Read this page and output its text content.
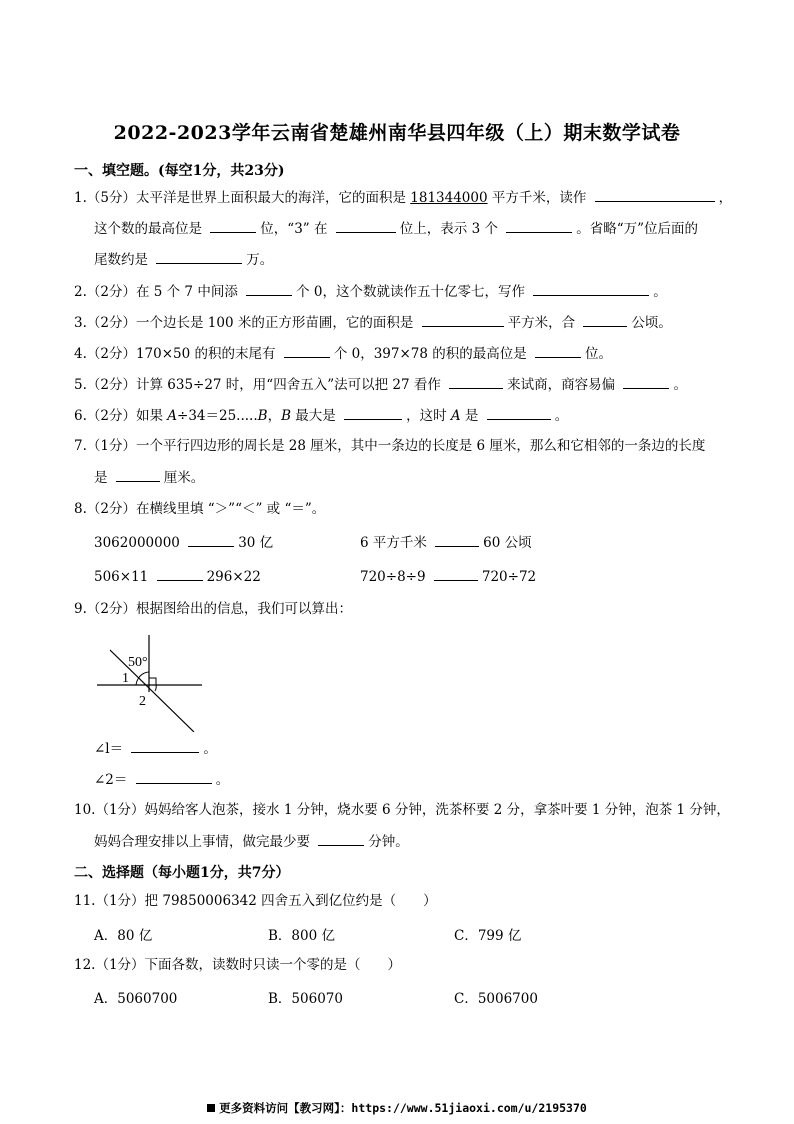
2022-2023学年云南省楚雄州南华县四年级（上）期末数学试卷
一、填空题。(每空1分，共23分)
1.（5分）太平洋是世界上面积最大的海洋，它的面积是 181344000 平方千米，读作	，
这个数的最高位是	位，“3” 在	位上，表示 3 个	。省略“万”位后面的
尾数约是	万。
2.（2分）在 5 个 7 中间添	个 0，这个数就读作五十亿零七，写作	。
3.（2分）一个边长是 100 米的正方形苗圃，它的面积是	平方米，合	公顷。
4.（2分）170×50 的积的末尾有	个 0，397×78 的积的最高位是	位。
5.（2分）计算 635÷27 时，用“四舍五入”法可以把 27 看作	来试商，商容易偏	。
6.（2分）如果 A÷34＝25.....B，B 最大是	，这时 A 是	。
7.（1分）一个平行四边形的周长是 28 厘米，其中一条边的长度是 6 厘米，那么和它相邻的一条边的长度
是	厘米。
8.（2分）在横线里填 “＞”“＜” 或 “＝”。
3062000000	30 亿	6 平方千米	60 公顷
506×11	296×22	720÷8÷9	720÷72
9.（2分）根据图给出的信息，我们可以算出：
50°
1
2
∠l＝	。
∠2＝	。
10.（1分）妈妈给客人泡茶，接水 1 分钟，烧水要 6 分钟，洗茶杯要 2 分，拿茶叶要 1 分钟，泡茶 1 分钟，
妈妈合理安排以上事情，做完最少要	分钟。
二、选择题（每小题1分，共7分）
11.（1分）把 79850006342 四舍五入到亿位约是（　　）
A．80 亿	B．800 亿	C．799 亿
12.（1分）下面各数，读数时只读一个零的是（　　）
A．5060700	B．506070	C．5006700
更多资料访问【教习网】：https://www.51jiaoxi.com/u/2195370
